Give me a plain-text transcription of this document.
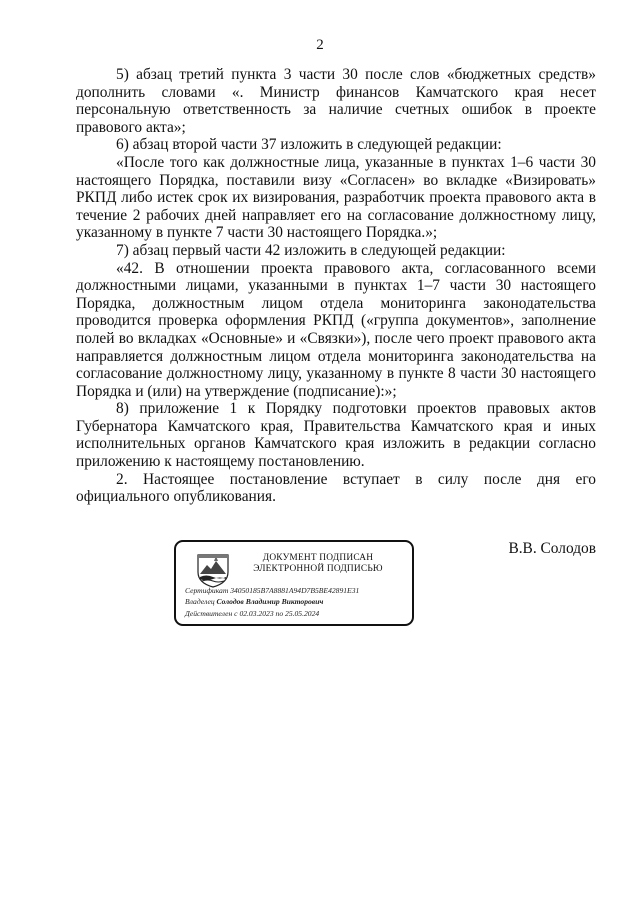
2

5) абзац третий пункта 3 части 30 после слов «бюджетных средств» дополнить словами «. Министр финансов Камчатского края несет персональную ответственность за наличие счетных ошибок в проекте правового акта»;

6) абзац второй части 37 изложить в следующей редакции:

«После того как должностные лица, указанные в пунктах 1–6 части 30 настоящего Порядка, поставили визу «Согласен» во вкладке «Визировать» РКПД либо истек срок их визирования, разработчик проекта правового акта в течение 2 рабочих дней направляет его на согласование должностному лицу, указанному в пункте 7 части 30 настоящего Порядка.»;

7) абзац первый части 42 изложить в следующей редакции:

«42. В отношении проекта правового акта, согласованного всеми должностными лицами, указанными в пунктах 1–7 части 30 настоящего Порядка, должностным лицом отдела мониторинга законодательства проводится проверка оформления РКПД («группа документов», заполнение полей во вкладках «Основные» и «Связки»), после чего проект правового акта направляется должностным лицом отдела мониторинга законодательства на согласование должностному лицу, указанному в пункте 8 части 30 настоящего Порядка и (или) на утверждение (подписание):»;

8) приложение 1 к Порядку подготовки проектов правовых актов Губернатора Камчатского края, Правительства Камчатского края и иных исполнительных органов Камчатского края изложить в редакции согласно приложению к настоящему постановлению.

2. Настоящее постановление вступает в силу после дня его официального опубликования.

В.В. Солодов
ДОКУМЕНТ ПОДПИСАН
ЭЛЕКТРОННОЙ ПОДПИСЬЮ
Сертификат 34050185B7A8881A94D7B5BE42891E31
Владелец Солодов Владимир Викторович
Действителен с 02.03.2023 по 25.05.2024
